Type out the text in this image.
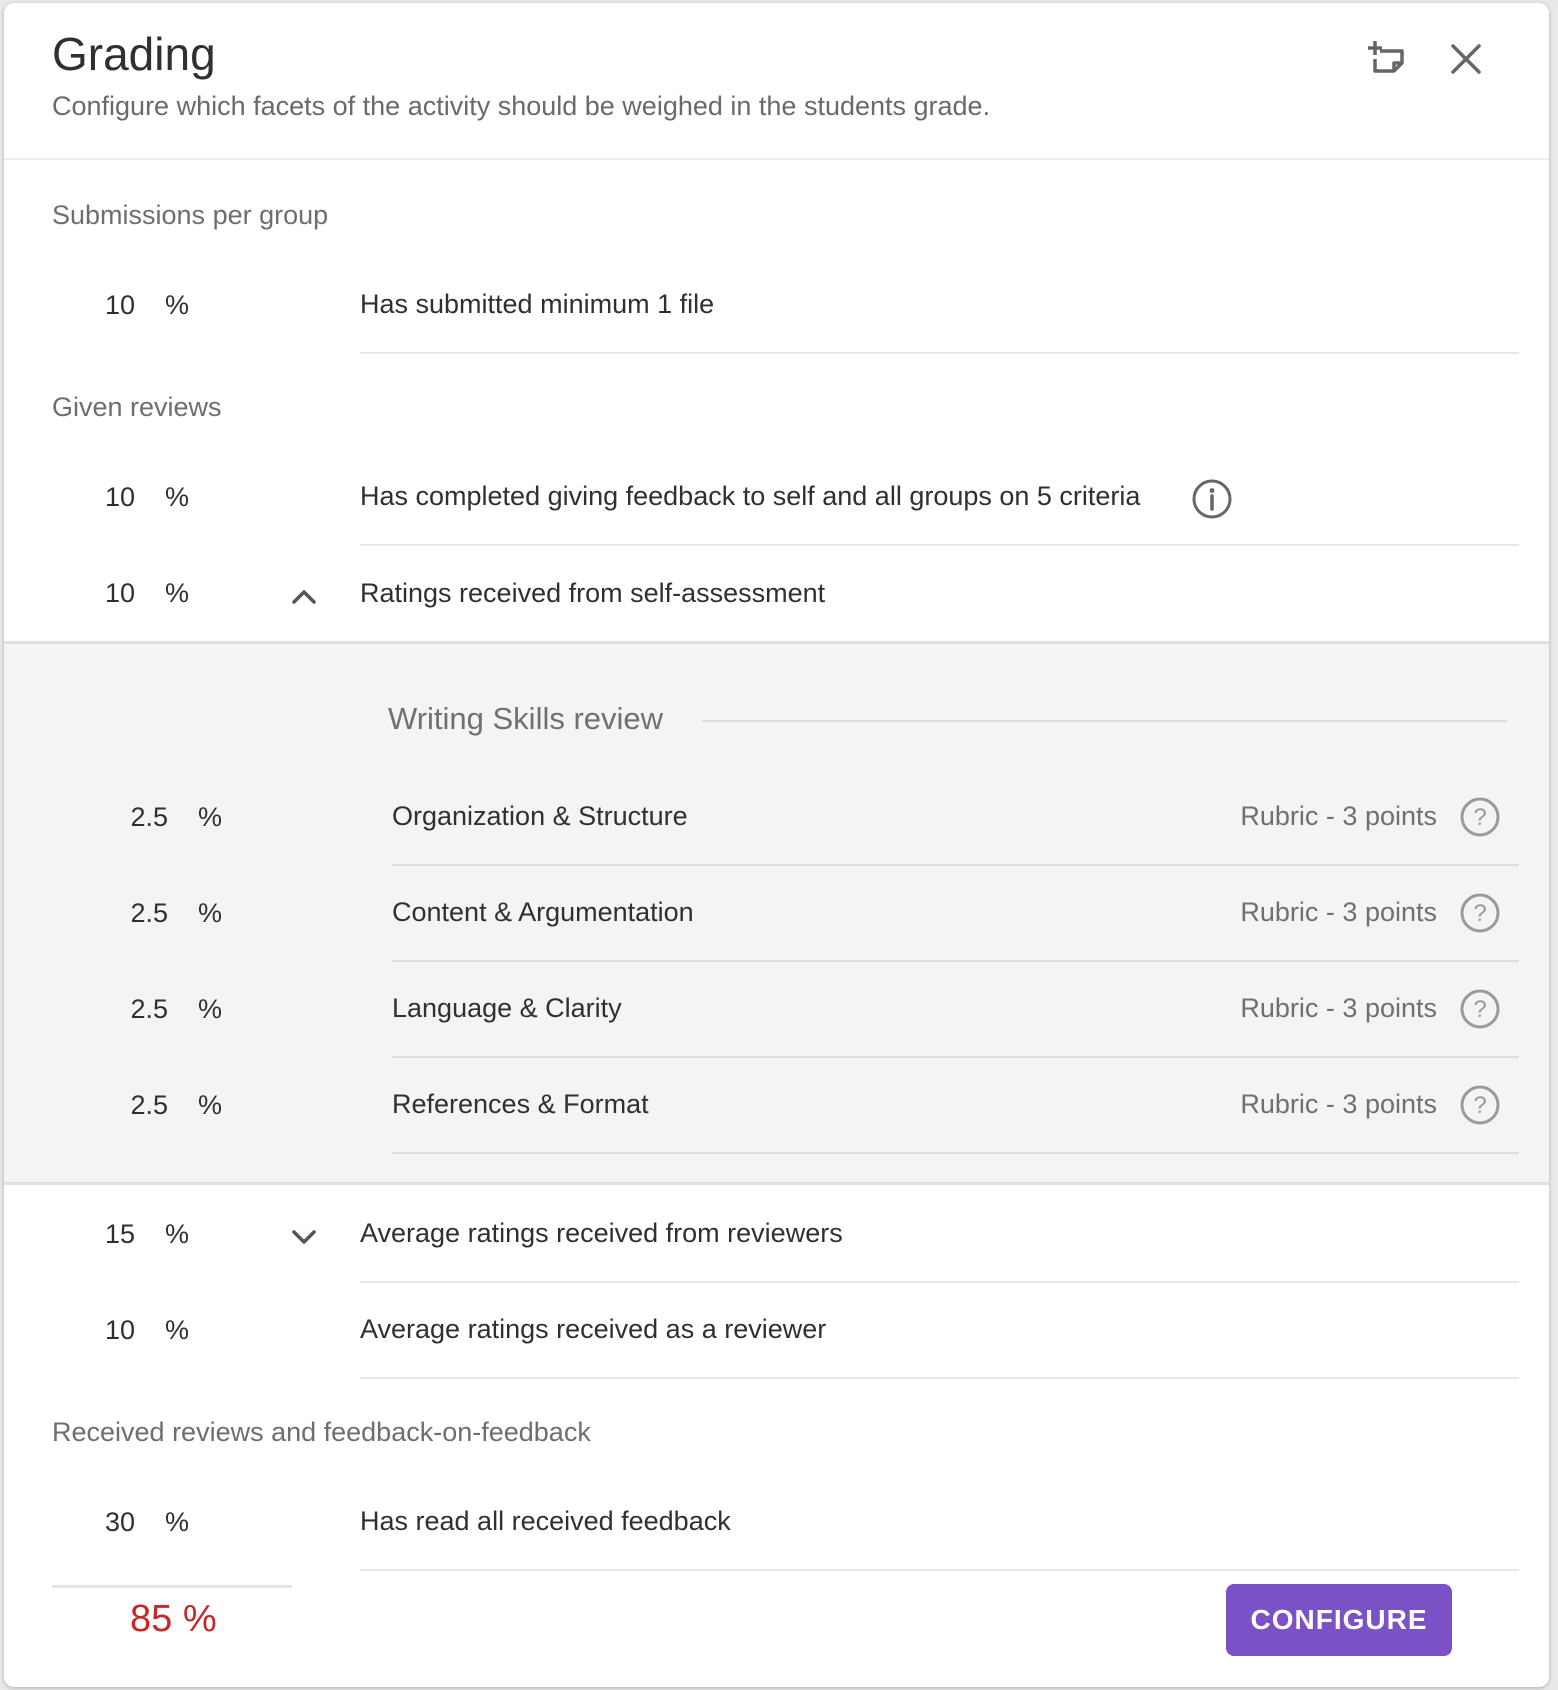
Grading
Configure which facets of the activity should be weighed in the students grade.
Submissions per group
10 %	Has submitted minimum 1 file
Given reviews
10 %	Has completed giving feedback to self and all groups on 5 criteria
10 %	Ratings received from self-assessment
Writing Skills review
2.5 %	Organization & Structure	Rubric - 3 points ?
2.5 %	Content & Argumentation	Rubric - 3 points ?
2.5 %	Language & Clarity	Rubric - 3 points ?
2.5 %	References & Format	Rubric - 3 points ?
15 %	Average ratings received from reviewers
10 %	Average ratings received as a reviewer
Received reviews and feedback-on-feedback
30 %	Has read all received feedback
85 %	CONFIGURE
